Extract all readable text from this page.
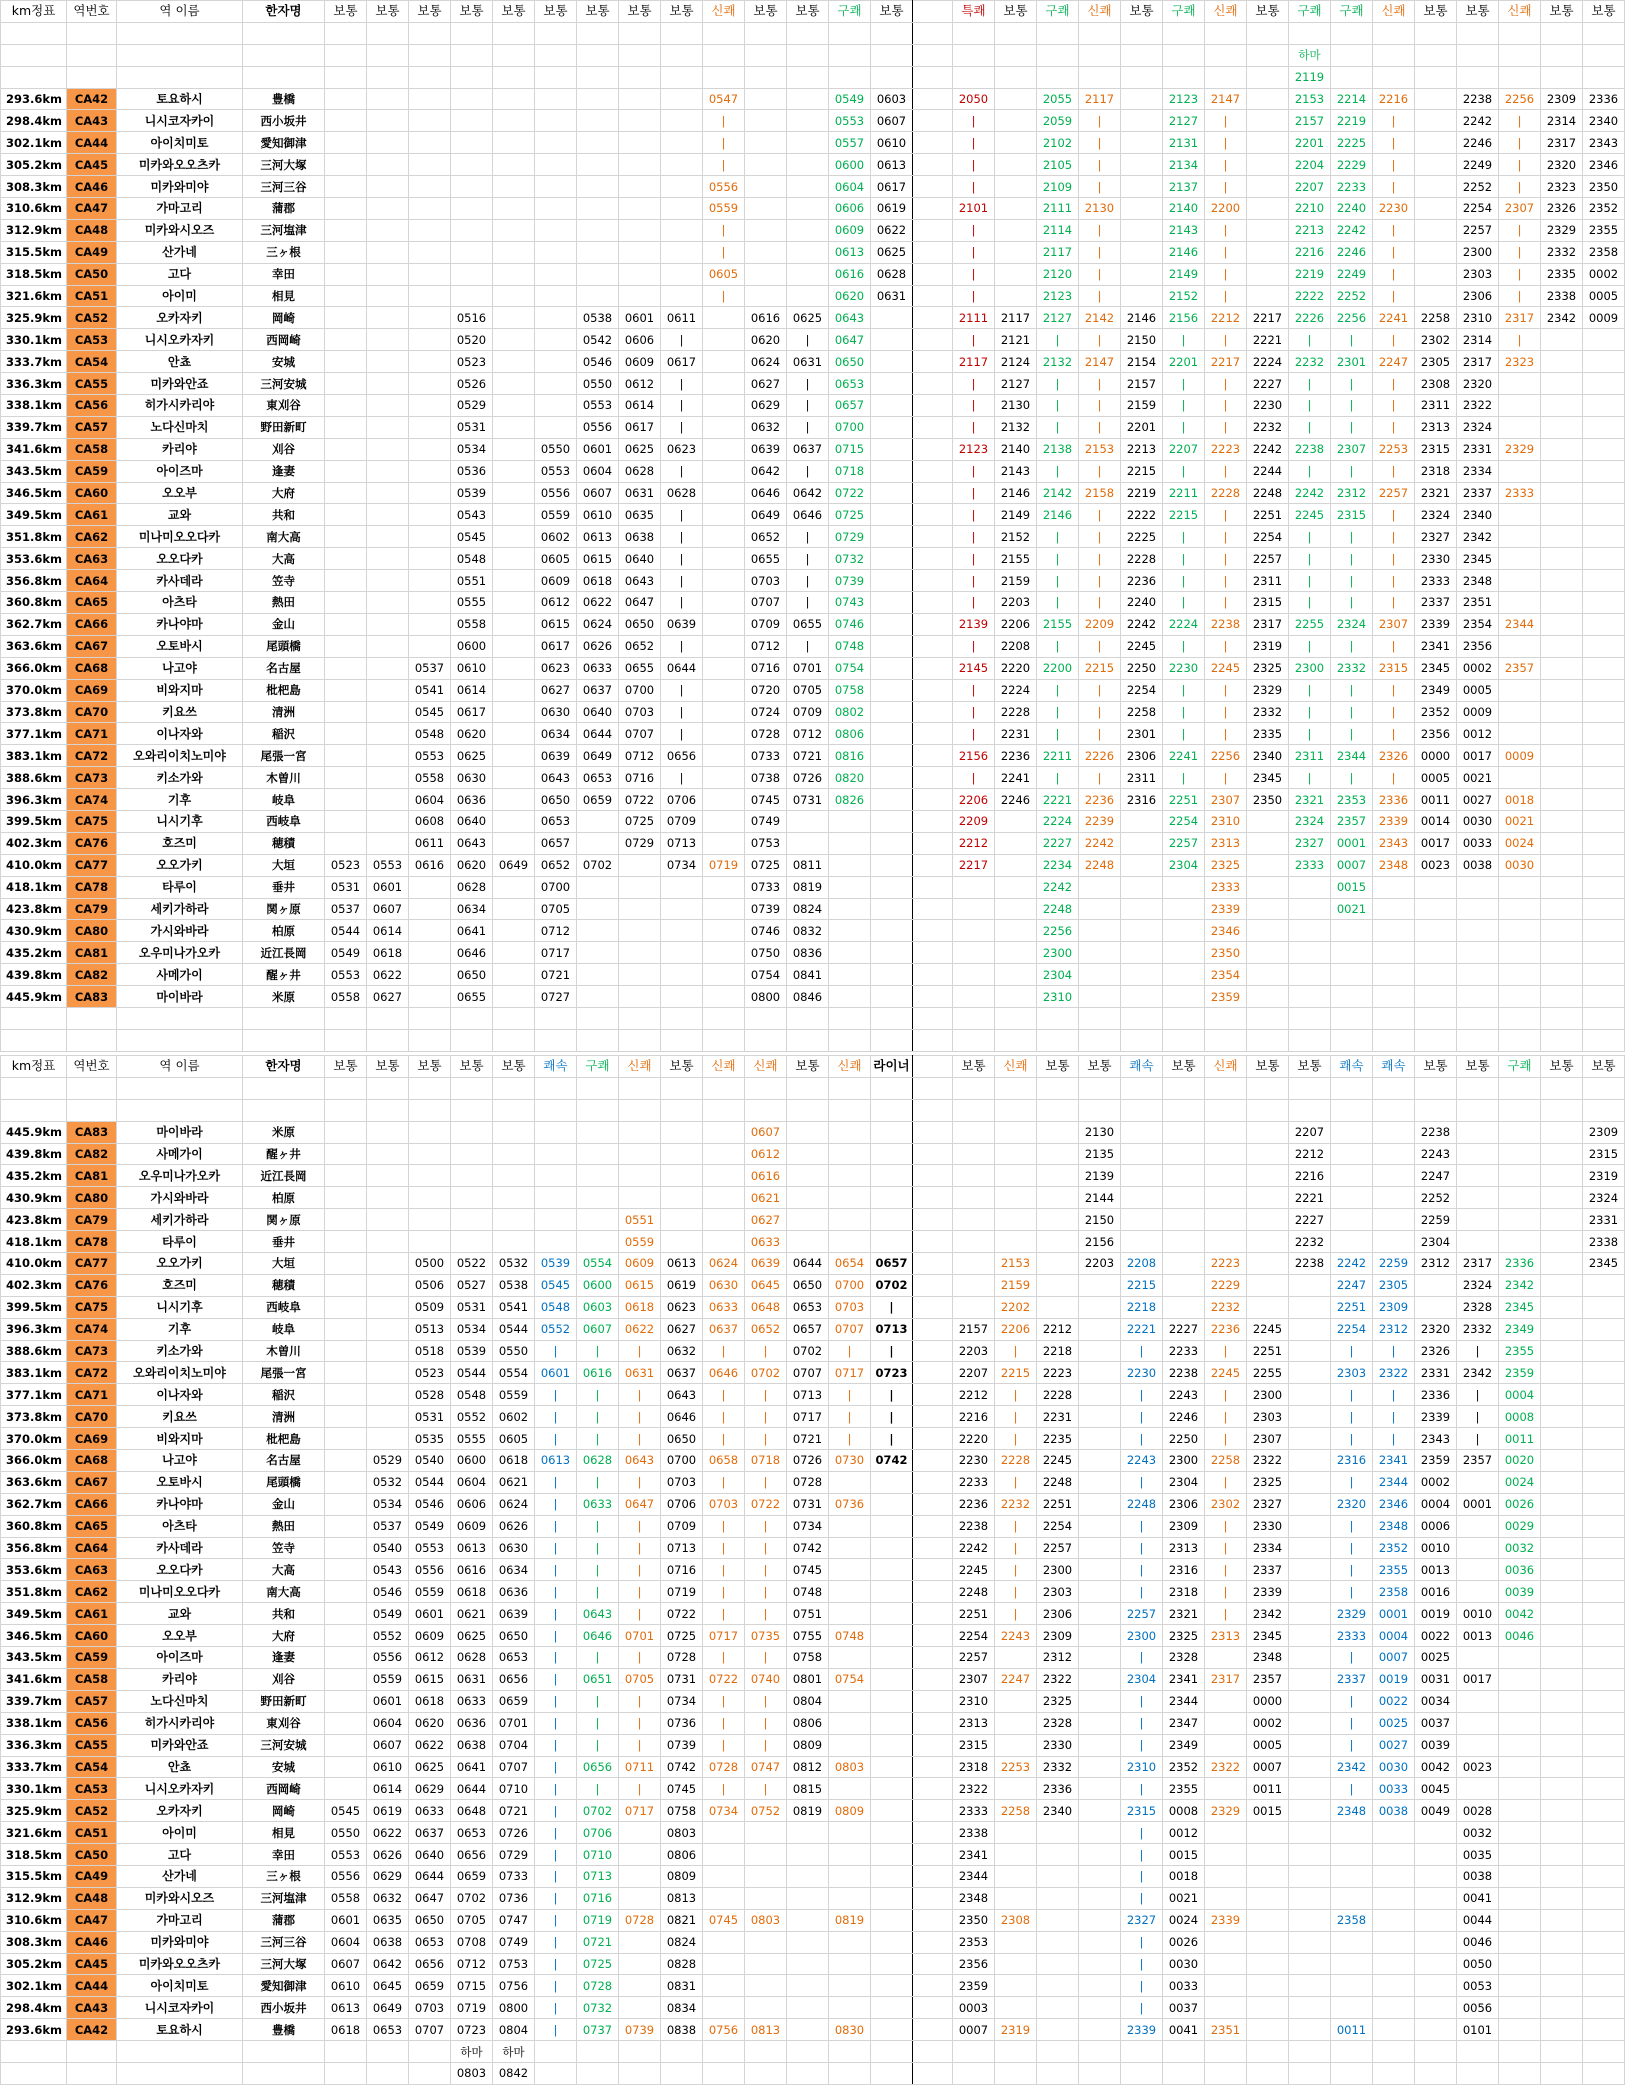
km정표	역번호	역 이름	한자명	보통	보통	보통	보통	보통	보통	보통	보통	보통	신쾌	보통	보통	구쾌	보통		특쾌	보통	구쾌	신쾌	보통	구쾌	신쾌	보통	구쾌	구쾌	신쾌	보통	보통	신쾌	보통	보통

																											하마							
																											2119							
293.6km	CA42	토요하시	豊橋										0547			0549	0603		2050		2055	2117		2123	2147		2153	2214	2216		2238	2256	2309	2336
298.4km	CA43	니시코자카이	西小坂井										|			0553	0607		|		2059	|		2127	|		2157	2219	|		2242	|	2314	2340
302.1km	CA44	아이치미토	愛知御津										|			0557	0610		|		2102	|		2131	|		2201	2225	|		2246	|	2317	2343
305.2km	CA45	미카와오오츠카	三河大塚										|			0600	0613		|		2105	|		2134	|		2204	2229	|		2249	|	2320	2346
308.3km	CA46	미카와미야	三河三谷										0556			0604	0617		|		2109	|		2137	|		2207	2233	|		2252	|	2323	2350
310.6km	CA47	가마고리	蒲郡										0559			0606	0619		2101		2111	2130		2140	2200		2210	2240	2230		2254	2307	2326	2352
312.9km	CA48	미카와시오즈	三河塩津										|			0609	0622		|		2114	|		2143	|		2213	2242	|		2257	|	2329	2355
315.5km	CA49	산가네	三ヶ根										|			0613	0625		|		2117	|		2146	|		2216	2246	|		2300	|	2332	2358
318.5km	CA50	고다	幸田										0605			0616	0628		|		2120	|		2149	|		2219	2249	|		2303	|	2335	0002
321.6km	CA51	아이미	相見										|			0620	0631		|		2123	|		2152	|		2222	2252	|		2306	|	2338	0005
325.9km	CA52	오카자키	岡崎				0516			0538	0601	0611		0616	0625	0643			2111	2117	2127	2142	2146	2156	2212	2217	2226	2256	2241	2258	2310	2317	2342	0009
330.1km	CA53	니시오카자키	西岡崎				0520			0542	0606	|		0620	|	0647			|	2121	|	|	2150	|	|	2221	|	|	|	2302	2314	|		
333.7km	CA54	안쵸	安城				0523			0546	0609	0617		0624	0631	0650			2117	2124	2132	2147	2154	2201	2217	2224	2232	2301	2247	2305	2317	2323		
336.3km	CA55	미카와안죠	三河安城				0526			0550	0612	|		0627	|	0653			|	2127	|	|	2157	|	|	2227	|	|	|	2308	2320			
338.1km	CA56	히가시카리야	東刈谷				0529			0553	0614	|		0629	|	0657			|	2130	|	|	2159	|	|	2230	|	|	|	2311	2322			
339.7km	CA57	노다신마치	野田新町				0531			0556	0617	|		0632	|	0700			|	2132	|	|	2201	|	|	2232	|	|	|	2313	2324			
341.6km	CA58	카리야	刈谷				0534		0550	0601	0625	0623		0639	0637	0715			2123	2140	2138	2153	2213	2207	2223	2242	2238	2307	2253	2315	2331	2329		
343.5km	CA59	아이즈마	逢妻				0536		0553	0604	0628	|		0642	|	0718			|	2143	|	|	2215	|	|	2244	|	|	|	2318	2334			
346.5km	CA60	오오부	大府				0539		0556	0607	0631	0628		0646	0642	0722			|	2146	2142	2158	2219	2211	2228	2248	2242	2312	2257	2321	2337	2333		
349.5km	CA61	교와	共和				0543		0559	0610	0635	|		0649	0646	0725			|	2149	2146	|	2222	2215	|	2251	2245	2315	|	2324	2340			
351.8km	CA62	미나미오오다카	南大高				0545		0602	0613	0638	|		0652	|	0729			|	2152	|	|	2225	|	|	2254	|	|	|	2327	2342			
353.6km	CA63	오오다카	大高				0548		0605	0615	0640	|		0655	|	0732			|	2155	|	|	2228	|	|	2257	|	|	|	2330	2345			
356.8km	CA64	카사데라	笠寺				0551		0609	0618	0643	|		0703	|	0739			|	2159	|	|	2236	|	|	2311	|	|	|	2333	2348			
360.8km	CA65	아츠타	熱田				0555		0612	0622	0647	|		0707	|	0743			|	2203	|	|	2240	|	|	2315	|	|	|	2337	2351			
362.7km	CA66	카나야마	金山				0558		0615	0624	0650	0639		0709	0655	0746			2139	2206	2155	2209	2242	2224	2238	2317	2255	2324	2307	2339	2354	2344		
363.6km	CA67	오토바시	尾頭橋				0600		0617	0626	0652	|		0712	|	0748			|	2208	|	|	2245	|	|	2319	|	|	|	2341	2356			
366.0km	CA68	나고야	名古屋			0537	0610		0623	0633	0655	0644		0716	0701	0754			2145	2220	2200	2215	2250	2230	2245	2325	2300	2332	2315	2345	0002	2357		
370.0km	CA69	비와지마	枇杷島			0541	0614		0627	0637	0700	|		0720	0705	0758			|	2224	|	|	2254	|	|	2329	|	|	|	2349	0005			
373.8km	CA70	키요쓰	清洲			0545	0617		0630	0640	0703	|		0724	0709	0802			|	2228	|	|	2258	|	|	2332	|	|	|	2352	0009			
377.1km	CA71	이나자와	稲沢			0548	0620		0634	0644	0707	|		0728	0712	0806			|	2231	|	|	2301	|	|	2335	|	|	|	2356	0012			
383.1km	CA72	오와리이치노미야	尾張一宮			0553	0625		0639	0649	0712	0656		0733	0721	0816			2156	2236	2211	2226	2306	2241	2256	2340	2311	2344	2326	0000	0017	0009		
388.6km	CA73	키소가와	木曽川			0558	0630		0643	0653	0716	|		0738	0726	0820			|	2241	|	|	2311	|	|	2345	|	|	|	0005	0021			
396.3km	CA74	기후	岐阜			0604	0636		0650	0659	0722	0706		0745	0731	0826			2206	2246	2221	2236	2316	2251	2307	2350	2321	2353	2336	0011	0027	0018		
399.5km	CA75	니시기후	西岐阜			0608	0640		0653		0725	0709		0749					2209		2224	2239		2254	2310		2324	2357	2339	0014	0030	0021		
402.3km	CA76	호즈미	穂積			0611	0643		0657		0729	0713		0753					2212		2227	2242		2257	2313		2327	0001	2343	0017	0033	0024		
410.0km	CA77	오오가키	大垣	0523	0553	0616	0620	0649	0652	0702		0734	0719	0725	0811				2217		2234	2248		2304	2325		2333	0007	2348	0023	0038	0030		
418.1km	CA78	타루이	垂井	0531	0601		0628		0700					0733	0819						2242				2333			0015						
423.8km	CA79	세키가하라	関ヶ原	0537	0607		0634		0705					0739	0824						2248				2339			0021						
430.9km	CA80	가시와바라	柏原	0544	0614		0641		0712					0746	0832						2256				2346									
435.2km	CA81	오우미나가오카	近江長岡	0549	0618		0646		0717					0750	0836						2300				2350									
439.8km	CA82	사메가이	醒ヶ井	0553	0622		0650		0721					0754	0841						2304				2354									
445.9km	CA83	마이바라	米原	0558	0627		0655		0727					0800	0846						2310				2359									

km정표	역번호	역 이름	한자명	보통	보통	보통	보통	보통	쾌속	구쾌	신쾌	보통	신쾌	신쾌	보통	신쾌	라이너		보통	신쾌	보통	보통	쾌속	보통	신쾌	보통	보통	쾌속	쾌속	보통	보통	구쾌	보통	보통

445.9km	CA83	마이바라	米原											0607								2130					2207			2238				2309
439.8km	CA82	사메가이	醒ヶ井											0612								2135					2212			2243				2315
435.2km	CA81	오우미나가오카	近江長岡											0616								2139					2216			2247				2319
430.9km	CA80	가시와바라	柏原											0621								2144					2221			2252				2324
423.8km	CA79	세키가하라	関ヶ原								0551			0627								2150					2227			2259				2331
418.1km	CA78	타루이	垂井								0559			0633								2156					2232			2304				2338
410.0km	CA77	오오가키	大垣			0500	0522	0532	0539	0554	0609	0613	0624	0639	0644	0654	0657			2153		2203	2208		2223		2238	2242	2259	2312	2317	2336		2345
402.3km	CA76	호즈미	穂積			0506	0527	0538	0545	0600	0615	0619	0630	0645	0650	0700	0702			2159			2215		2229			2247	2305		2324	2342		
399.5km	CA75	니시기후	西岐阜			0509	0531	0541	0548	0603	0618	0623	0633	0648	0653	0703	|			2202			2218		2232			2251	2309		2328	2345		
396.3km	CA74	기후	岐阜			0513	0534	0544	0552	0607	0622	0627	0637	0652	0657	0707	0713		2157	2206	2212		2221	2227	2236	2245		2254	2312	2320	2332	2349		
388.6km	CA73	키소가와	木曽川			0518	0539	0550	|	|	|	0632	|	|	0702	|	|		2203	|	2218		|	2233	|	2251		|	|	2326	|	2355		
383.1km	CA72	오와리이치노미야	尾張一宮			0523	0544	0554	0601	0616	0631	0637	0646	0702	0707	0717	0723		2207	2215	2223		2230	2238	2245	2255		2303	2322	2331	2342	2359		
377.1km	CA71	이나자와	稲沢			0528	0548	0559	|	|	|	0643	|	|	0713	|	|		2212	|	2228		|	2243	|	2300		|	|	2336	|	0004		
373.8km	CA70	키요쓰	清洲			0531	0552	0602	|	|	|	0646	|	|	0717	|	|		2216	|	2231		|	2246	|	2303		|	|	2339	|	0008		
370.0km	CA69	비와지마	枇杷島			0535	0555	0605	|	|	|	0650	|	|	0721	|	|		2220	|	2235		|	2250	|	2307		|	|	2343	|	0011		
366.0km	CA68	나고야	名古屋		0529	0540	0600	0618	0613	0628	0643	0700	0658	0718	0726	0730	0742		2230	2228	2245		2243	2300	2258	2322		2316	2341	2359	2357	0020		
363.6km	CA67	오토바시	尾頭橋		0532	0544	0604	0621	|	|	|	0703	|	|	0728				2233	|	2248		|	2304	|	2325		|	2344	0002		0024		
362.7km	CA66	카나야마	金山		0534	0546	0606	0624	|	0633	0647	0706	0703	0722	0731	0736			2236	2232	2251		2248	2306	2302	2327		2320	2346	0004	0001	0026		
360.8km	CA65	아츠타	熱田		0537	0549	0609	0626	|	|	|	0709	|	|	0734				2238	|	2254		|	2309	|	2330		|	2348	0006		0029		
356.8km	CA64	카사데라	笠寺		0540	0553	0613	0630	|	|	|	0713	|	|	0742				2242	|	2257		|	2313	|	2334		|	2352	0010		0032		
353.6km	CA63	오오다카	大高		0543	0556	0616	0634	|	|	|	0716	|	|	0745				2245	|	2300		|	2316	|	2337		|	2355	0013		0036		
351.8km	CA62	미나미오오다카	南大高		0546	0559	0618	0636	|	|	|	0719	|	|	0748				2248	|	2303		|	2318	|	2339		|	2358	0016		0039		
349.5km	CA61	교와	共和		0549	0601	0621	0639	|	0643	|	0722	|	|	0751				2251	|	2306		2257	2321	|	2342		2329	0001	0019	0010	0042		
346.5km	CA60	오오부	大府		0552	0609	0625	0650	|	0646	0701	0725	0717	0735	0755	0748			2254	2243	2309		2300	2325	2313	2345		2333	0004	0022	0013	0046		
343.5km	CA59	아이즈마	逢妻		0556	0612	0628	0653	|	|	|	0728	|	|	0758				2257		2312		|	2328		2348		|	0007	0025				
341.6km	CA58	카리야	刈谷		0559	0615	0631	0656	|	0651	0705	0731	0722	0740	0801	0754			2307	2247	2322		2304	2341	2317	2357		2337	0019	0031	0017			
339.7km	CA57	노다신마치	野田新町		0601	0618	0633	0659	|	|	|	0734	|	|	0804				2310		2325		|	2344		0000		|	0022	0034				
338.1km	CA56	히가시카리야	東刈谷		0604	0620	0636	0701	|	|	|	0736	|	|	0806				2313		2328		|	2347		0002		|	0025	0037				
336.3km	CA55	미카와안죠	三河安城		0607	0622	0638	0704	|	|	|	0739	|	|	0809				2315		2330		|	2349		0005		|	0027	0039				
333.7km	CA54	안쵸	安城		0610	0625	0641	0707	|	0656	0711	0742	0728	0747	0812	0803			2318	2253	2332		2310	2352	2322	0007		2342	0030	0042	0023			
330.1km	CA53	니시오카자키	西岡崎		0614	0629	0644	0710	|	|	|	0745	|	|	0815				2322		2336		|	2355		0011		|	0033	0045				
325.9km	CA52	오카자키	岡崎	0545	0619	0633	0648	0721	|	0702	0717	0758	0734	0752	0819	0809			2333	2258	2340		2315	0008	2329	0015		2348	0038	0049	0028			
321.6km	CA51	아이미	相見	0550	0622	0637	0653	0726	|	0706		0803							2338				|	0012							0032			
318.5km	CA50	고다	幸田	0553	0626	0640	0656	0729	|	0710		0806							2341				|	0015							0035			
315.5km	CA49	산가네	三ヶ根	0556	0629	0644	0659	0733	|	0713		0809							2344				|	0018							0038			
312.9km	CA48	미카와시오즈	三河塩津	0558	0632	0647	0702	0736	|	0716		0813							2348				|	0021							0041			
310.6km	CA47	가마고리	蒲郡	0601	0635	0650	0705	0747	|	0719	0728	0821	0745	0803		0819			2350	2308			2327	0024	2339			2358			0044			
308.3km	CA46	미카와미야	三河三谷	0604	0638	0653	0708	0749	|	0721		0824							2353				|	0026							0046			
305.2km	CA45	미카와오오츠카	三河大塚	0607	0642	0656	0712	0753	|	0725		0828							2356				|	0030							0050			
302.1km	CA44	아이치미토	愛知御津	0610	0645	0659	0715	0756	|	0728		0831							2359				|	0033							0053			
298.4km	CA43	니시코자카이	西小坂井	0613	0649	0703	0719	0800	|	0732		0834							0003				|	0037							0056			
293.6km	CA42	토요하시	豊橋	0618	0653	0707	0723	0804	|	0737	0739	0838	0756	0813		0830			0007	2319			2339	0041	2351			0011			0101			
							하마	하마																										
							0803	0842																										
